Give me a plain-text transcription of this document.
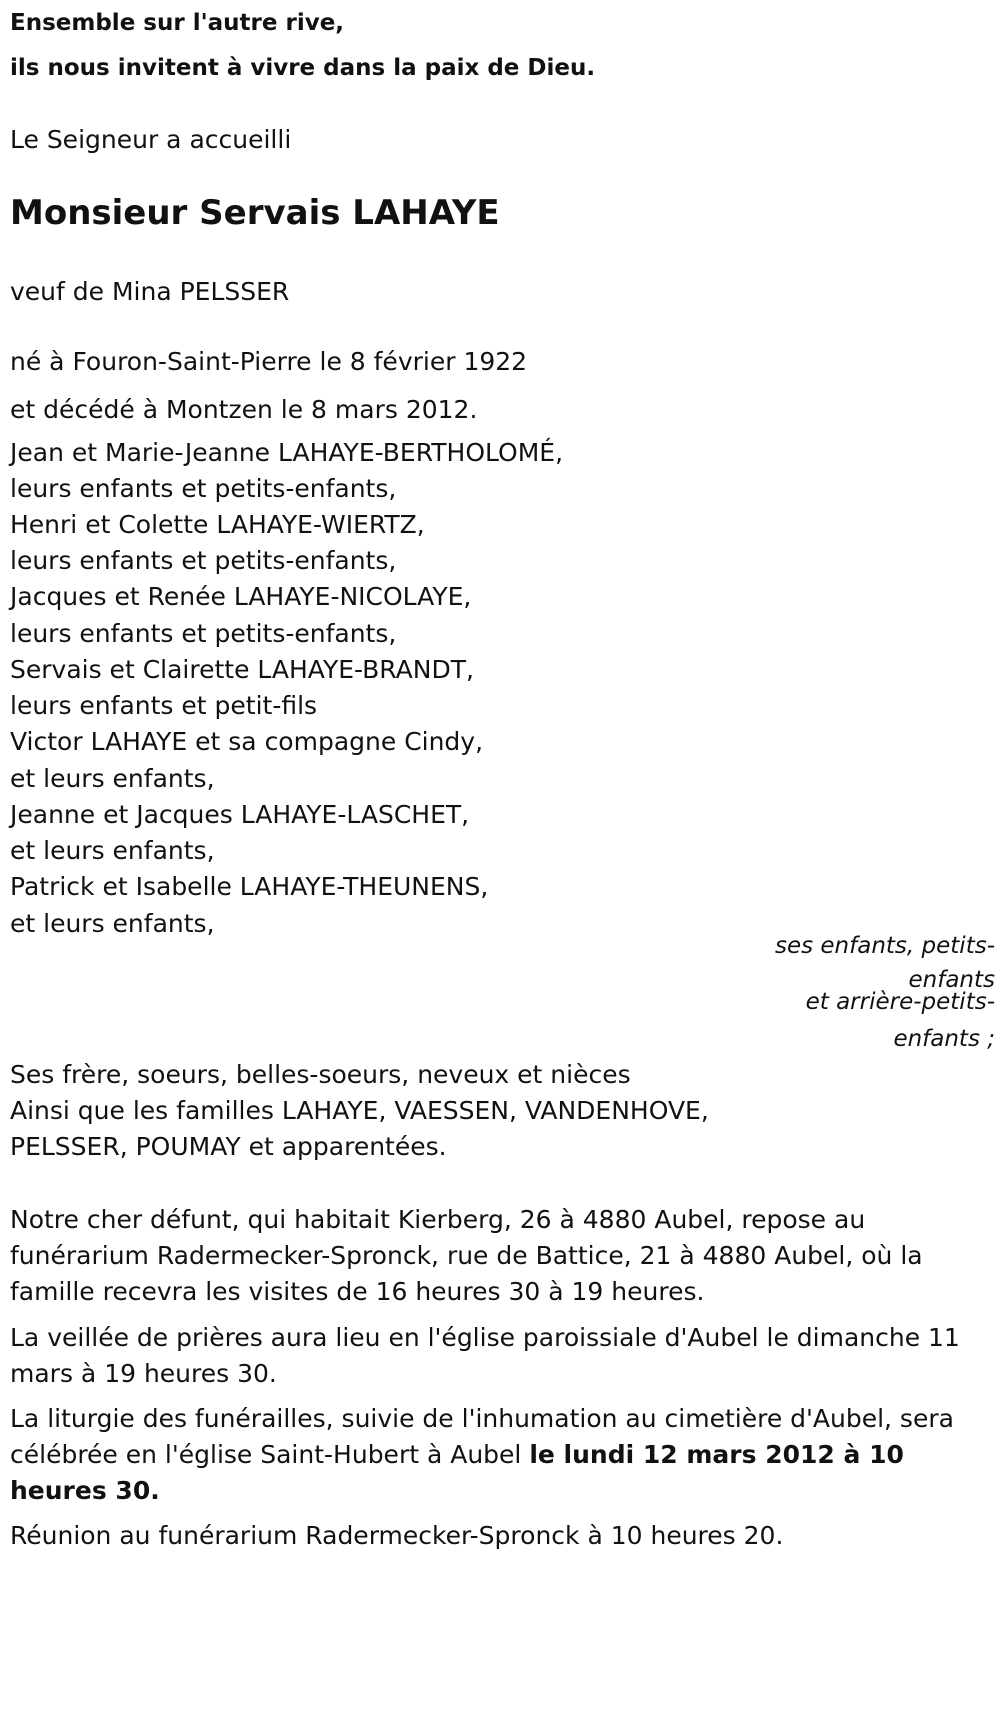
Ensemble sur l'autre rive,
ils nous invitent à vivre dans la paix de Dieu.
Le Seigneur a accueilli
Monsieur Servais LAHAYE
veuf de Mina PELSSER
né à Fouron-Saint-Pierre le 8 février 1922
et décédé à Montzen le 8 mars 2012.
Jean et Marie-Jeanne LAHAYE-BERTHOLOMÉ,
leurs enfants et petits-enfants,
Henri et Colette LAHAYE-WIERTZ,
leurs enfants et petits-enfants,
Jacques et Renée LAHAYE-NICOLAYE,
leurs enfants et petits-enfants,
Servais et Clairette LAHAYE-BRANDT,
leurs enfants et petit-fils
Victor LAHAYE et sa compagne Cindy,
et leurs enfants,
Jeanne et Jacques LAHAYE-LASCHET,
et leurs enfants,
Patrick et Isabelle LAHAYE-THEUNENS,
et leurs enfants,
ses enfants, petits-
enfants
et arrière-petits-
enfants ;
Ses frère, soeurs, belles-soeurs, neveux et nièces
Ainsi que les familles LAHAYE, VAESSEN, VANDENHOVE,
PELSSER, POUMAY et apparentées.
Notre cher défunt, qui habitait Kierberg, 26 à 4880 Aubel, repose au funérarium Radermecker-Spronck, rue de Battice, 21 à 4880 Aubel, où la famille recevra les visites de 16 heures 30 à 19 heures.
La veillée de prières aura lieu en l'église paroissiale d'Aubel le dimanche 11 mars à 19 heures 30.
La liturgie des funérailles, suivie de l'inhumation au cimetière d'Aubel, sera célébrée en l'église Saint-Hubert à Aubel le lundi 12 mars 2012 à 10 heures 30.
Réunion au funérarium Radermecker-Spronck à 10 heures 20.
